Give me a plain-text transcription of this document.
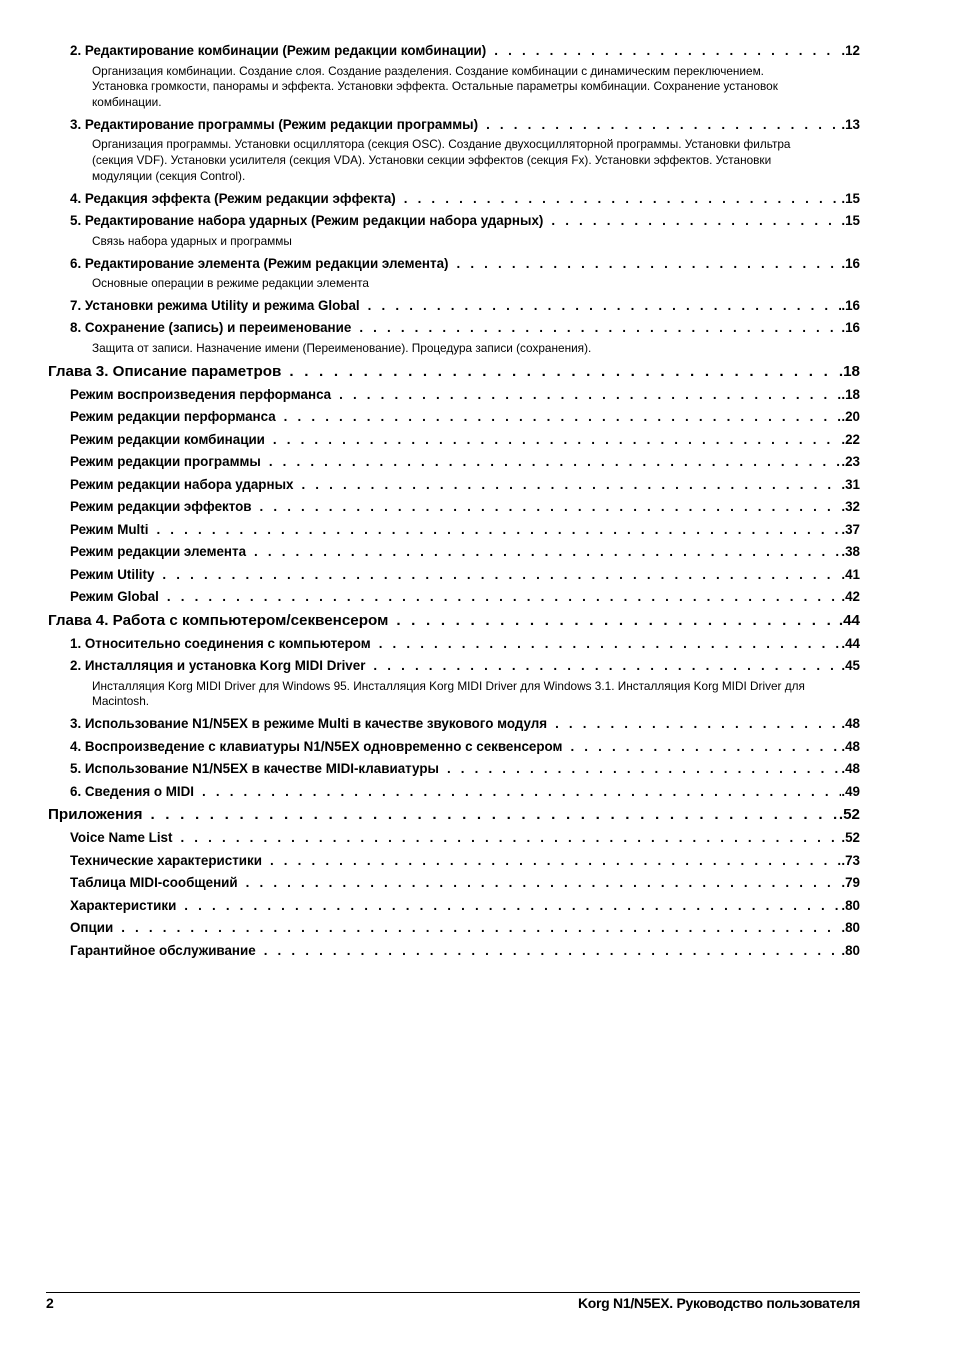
2. Редактирование комбинации (Режим редакции комбинации) . . .	.12
Организация комбинации. Создание слоя. Создание разделения. Создание комбинации с динамическим переключением. Установка громкости, панорамы и эффекта. Установки эффекта. Остальные параметры комбинации. Сохранение установок комбинации.
3. Редактирование программы (Режим редакции программы) . . .	.13
Организация программы. Установки осциллятора (секция OSC). Создание двухосцилляторной программы. Установки фильтра (секция VDF). Установки усилителя (секция VDA). Установки секции эффектов (секция Fx). Установки эффектов. Установки модуляции (секция Control).
4. Редакция эффекта (Режим редакции эффекта) . . .	.15
5. Редактирование набора ударных (Режим редакции набора ударных) . . .	.15
Связь набора ударных и программы
6. Редактирование элемента (Режим редакции элемента) . . .	.16
Основные операции в режиме редакции элемента
7. Установки режима Utility и режима Global . . .	.16
8. Сохранение (запись) и переименование . . .	.16
Защита от записи. Назначение имени (Переименование). Процедура записи (сохранения).
Глава 3. Описание параметров . . .	.18
Режим воспроизведения перформанса . . .	.18
Режим редакции перформанса . . .	.20
Режим редакции комбинации . . .	.22
Режим редакции программы . . .	.23
Режим редакции набора ударных . . .	.31
Режим редакции эффектов . . .	.32
Режим Multi . . .	.37
Режим редакции элемента . . .	.38
Режим Utility . . .	.41
Режим Global . . .	.42
Глава 4. Работа с компьютером/секвенсером . . .	.44
1. Относительно соединения с компьютером . . .	.44
2. Инсталляция и установка Korg MIDI Driver . . .	.45
Инсталляция Korg MIDI Driver для Windows 95. Инсталляция Korg MIDI Driver для Windows 3.1. Инсталляция Korg MIDI Driver для Macintosh.
3. Использование N1/N5EX в режиме Multi в качестве звукового модуля . . .	.48
4. Воспроизведение с клавиатуры N1/N5EX одновременно с секвенсером . . .	.48
5. Использование N1/N5EX в качестве MIDI-клавиатуры . . .	.48
6. Сведения о MIDI . . .	.49
Приложения . . .	.52
Voice Name List . . .	.52
Технические характеристики . . .	.73
Таблица MIDI-сообщений . . .	.79
Характеристики . . .	.80
Опции . . .	.80
Гарантийное обслуживание . . .	.80
2	Korg N1/N5EX. Руководство пользователя
